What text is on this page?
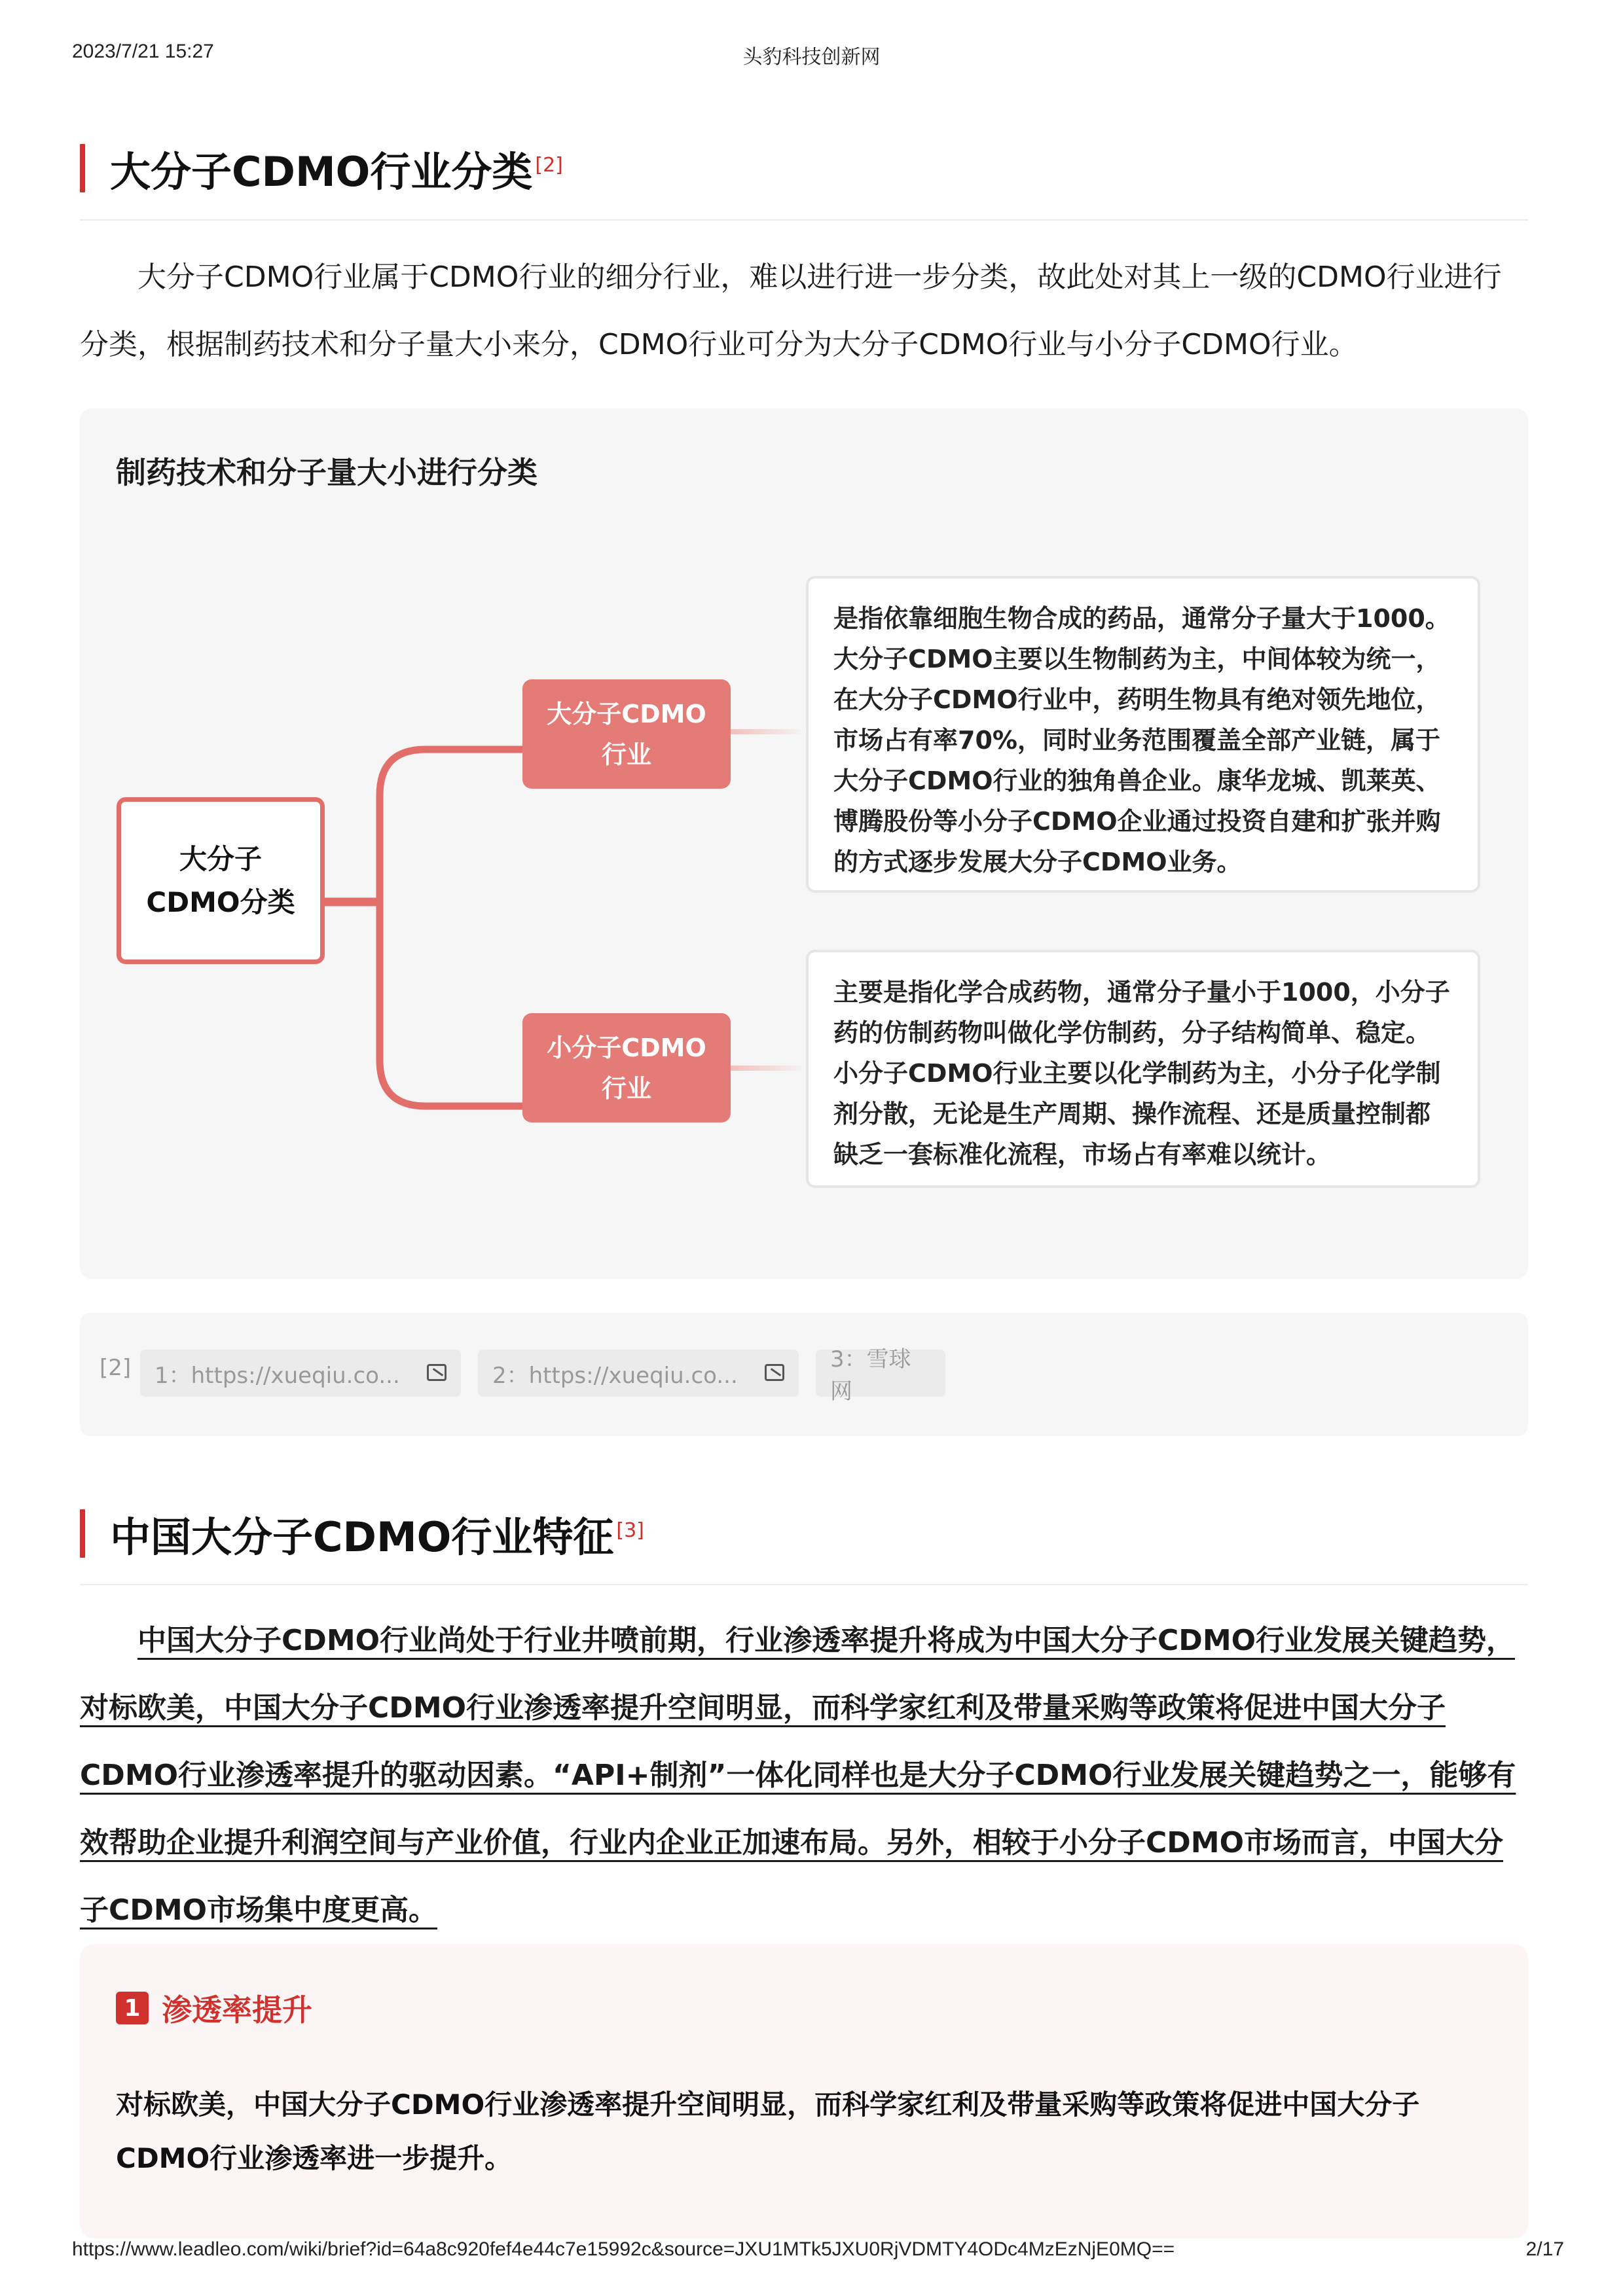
2023/7/21 15:27	头豹科技创新网
大分子CDMO行业分类 [2]

大分子CDMO行业属于CDMO行业的细分行业，难以进行进一步分类，故此处对其上一级的CDMO行业进行分类，根据制药技术和分子量大小来分，CDMO行业可分为大分子CDMO行业与小分子CDMO行业。

制药技术和分子量大小进行分类
大分子CDMO分类
大分子CDMO行业
是指依靠细胞生物合成的药品，通常分子量大于1000。大分子CDMO主要以生物制药为主，中间体较为统一，在大分子CDMO行业中，药明生物具有绝对领先地位，市场占有率70%，同时业务范围覆盖全部产业链，属于大分子CDMO行业的独角兽企业。康华龙城、凯莱英、博腾股份等小分子CDMO企业通过投资自建和扩张并购的方式逐步发展大分子CDMO业务。
小分子CDMO行业
主要是指化学合成药物，通常分子量小于1000，小分子药的仿制药物叫做化学仿制药，分子结构简单、稳定。小分子CDMO行业主要以化学制药为主，小分子化学制剂分散，无论是生产周期、操作流程、还是质量控制都缺乏一套标准化流程，市场占有率难以统计。
[2] 1：https://xueqiu.co...	2：https://xueqiu.co...
3：雪球网
中国大分子CDMO行业特征 [3]

中国大分子CDMO行业尚处于行业井喷前期，行业渗透率提升将成为中国大分子CDMO行业发展关键趋势，对标欧美，中国大分子CDMO行业渗透率提升空间明显，而科学家红利及带量采购等政策将促进中国大分子CDMO行业渗透率提升的驱动因素。“API+制剂”一体化同样也是大分子CDMO行业发展关键趋势之一，能够有效帮助企业提升利润空间与产业价值，行业内企业正加速布局。另外，相较于小分子CDMO市场而言，中国大分子CDMO市场集中度更高。

1 渗透率提升

对标欧美，中国大分子CDMO行业渗透率提升空间明显，而科学家红利及带量采购等政策将促进中国大分子CDMO行业渗透率进一步提升。

https://www.leadleo.com/wiki/brief?id=64a8c920fef4e44c7e15992c&source=JXU1MTk5JXU0RjVDMTY4ODc4MzEzNjE0MQ==	2/17
